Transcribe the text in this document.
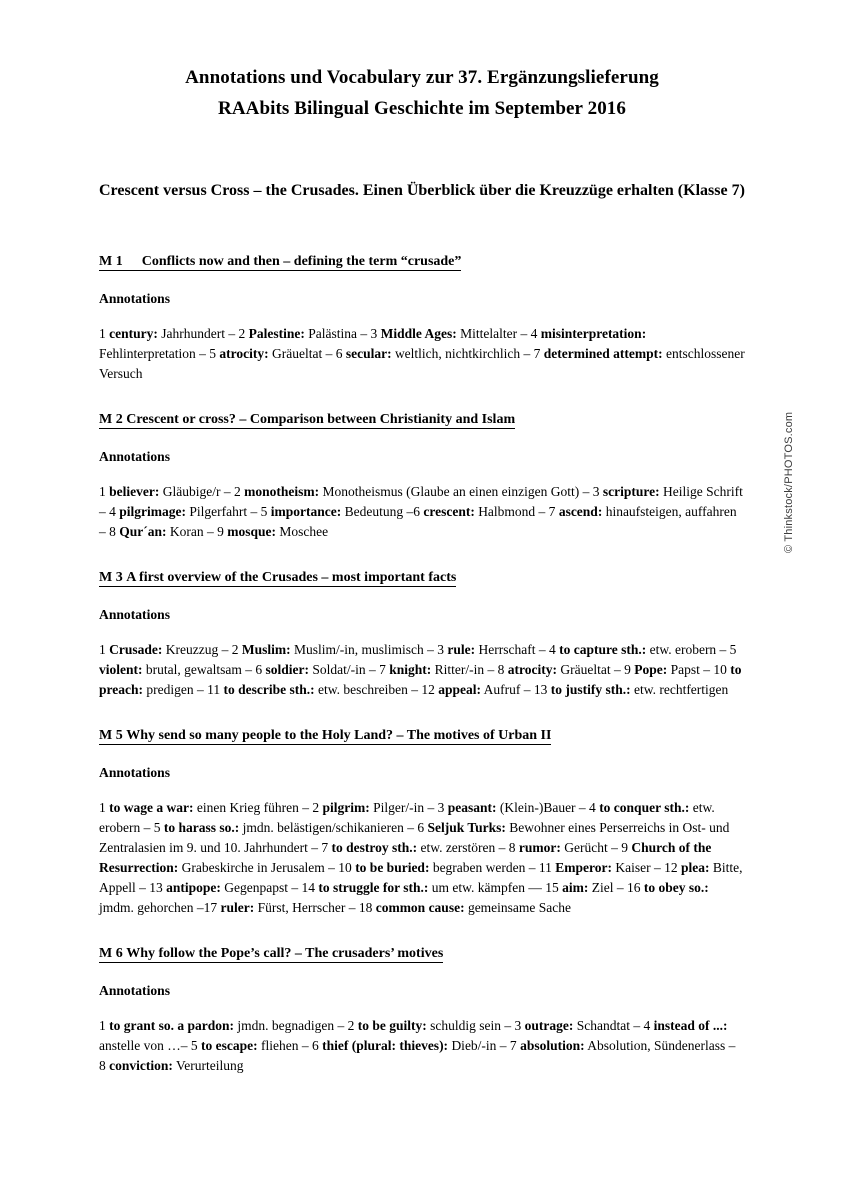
Annotations und Vocabulary zur 37. Ergänzungslieferung
RAAbits Bilingual Geschichte im September 2016
Crescent versus Cross – the Crusades. Einen Überblick über die Kreuzzüge erhalten (Klasse 7)
M 1 Conflicts now and then – defining the term “crusade”

Annotations

1 century: Jahrhundert – 2 Palestine: Palästina – 3 Middle Ages: Mittelalter – 4 misinterpretation: Fehlinterpretation – 5 atrocity: Gräueltat – 6 secular: weltlich, nichtkirchlich – 7 determined attempt: entschlossener Versuch

M 2 Crescent or cross? – Comparison between Christianity and Islam

Annotations

1 believer: Gläubige/r – 2 monotheism: Monotheismus (Glaube an einen einzigen Gott) – 3 scripture: Heilige Schrift – 4 pilgrimage: Pilgerfahrt – 5 importance: Bedeutung –6 crescent: Halbmond – 7 ascend: hinaufsteigen, auffahren – 8 Qur´an: Koran – 9 mosque: Moschee

M 3 A first overview of the Crusades – most important facts

Annotations

1 Crusade: Kreuzzug – 2 Muslim: Muslim/-in, muslimisch – 3 rule: Herrschaft – 4 to capture sth.: etw. erobern – 5 violent: brutal, gewaltsam – 6 soldier: Soldat/-in – 7 knight: Ritter/-in – 8 atrocity: Gräueltat – 9 Pope: Papst – 10 to preach: predigen – 11 to describe sth.: etw. beschreiben – 12 appeal: Aufruf – 13 to justify sth.: etw. rechtfertigen

M 5 Why send so many people to the Holy Land? – The motives of Urban II

Annotations

1 to wage a war: einen Krieg führen – 2 pilgrim: Pilger/-in – 3 peasant: (Klein-)Bauer – 4 to conquer sth.: etw. erobern – 5 to harass so.: jmdn. belästigen/schikanieren – 6 Seljuk Turks: Bewohner eines Perserreichs in Ost- und Zentralasien im 9. und 10. Jahrhundert – 7 to destroy sth.: etw. zerstören – 8 rumor: Gerücht – 9 Church of the Resurrection: Grabeskirche in Jerusalem – 10 to be buried: begraben werden – 11 Emperor: Kaiser – 12 plea: Bitte, Appell – 13 antipope: Gegenpapst – 14 to struggle for sth.: um etw. kämpfen — 15 aim: Ziel – 16 to obey so.: jmdm. gehorchen –17 ruler: Fürst, Herrscher – 18 common cause: gemeinsame Sache

M 6 Why follow the Pope’s call? – The crusaders’ motives

Annotations

1 to grant so. a pardon: jmdn. begnadigen – 2 to be guilty: schuldig sein – 3 outrage: Schandtat – 4 instead of ...: anstelle von …– 5 to escape: fliehen – 6 thief (plural: thieves): Dieb/-in – 7 absolution: Absolution, Sündenerlass – 8 conviction: Verurteilung

© Thinkstock/PHOTOS.com
